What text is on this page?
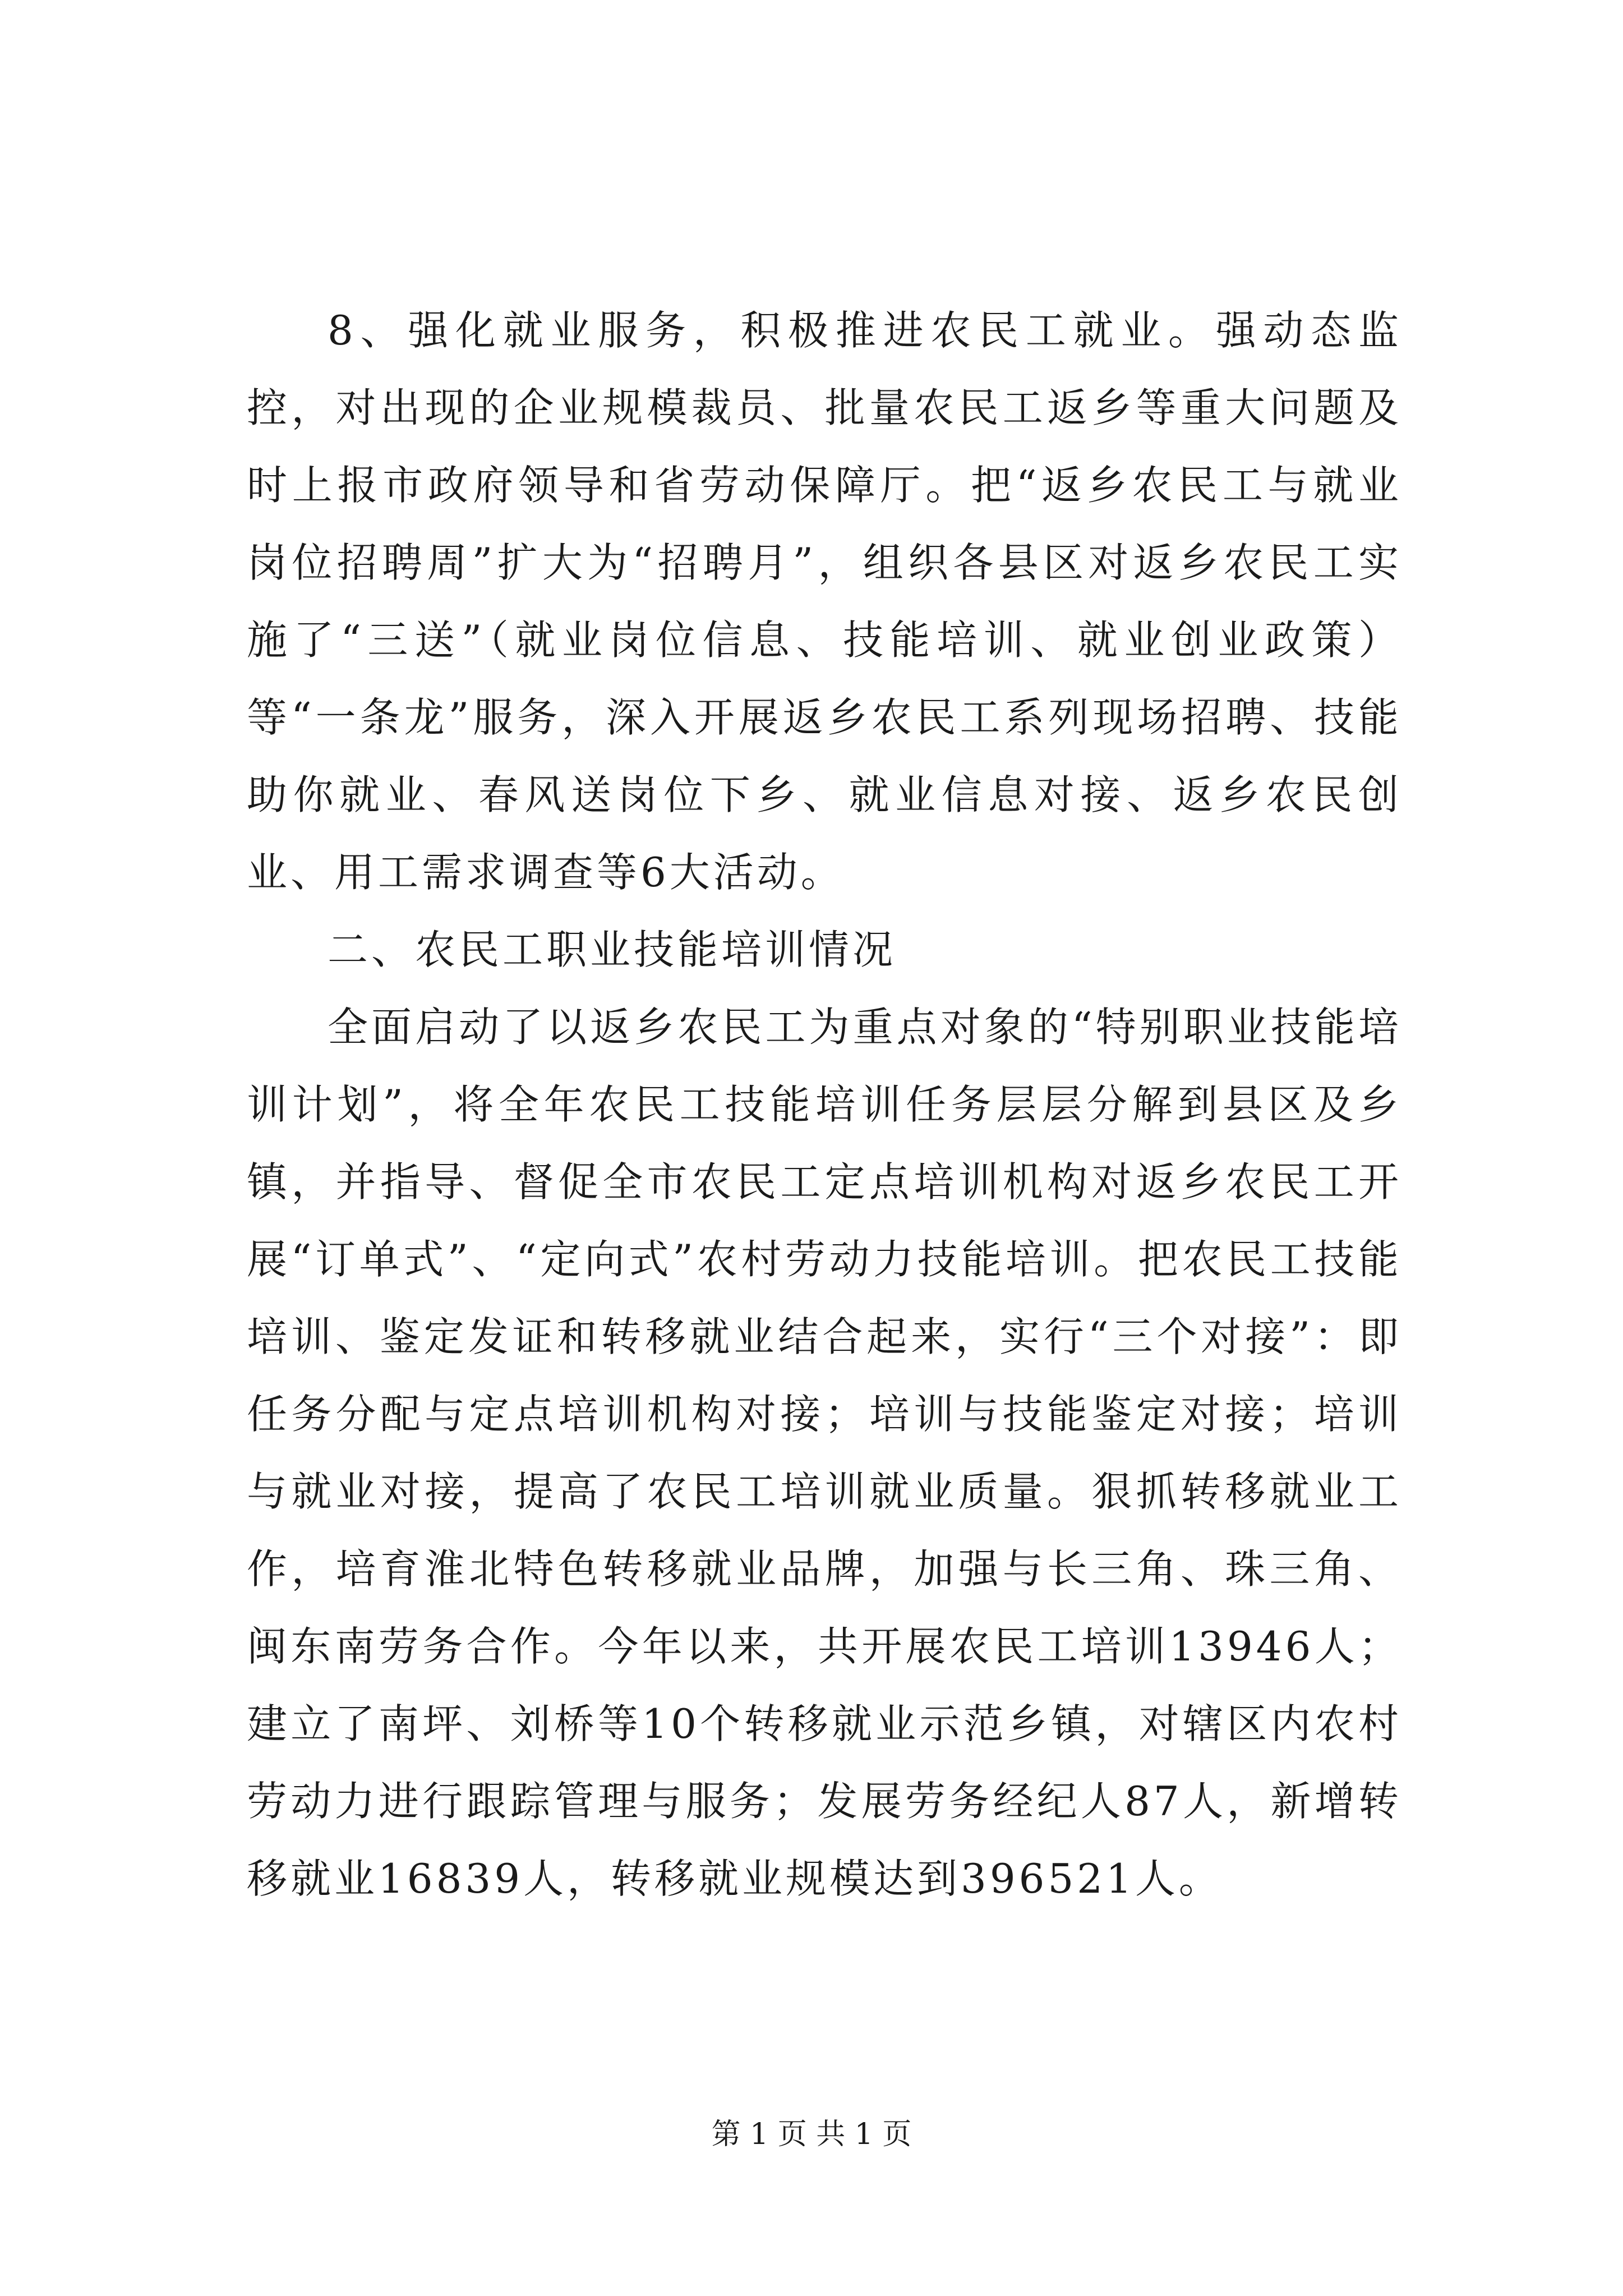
8、强化就业服务，积极推进农民工就业。强动态监控，对出现的企业规模裁员、批量农民工返乡等重大问题及时上报市政府领导和省劳动保障厅。把“返乡农民工与就业岗位招聘周”扩大为“招聘月”，组织各县区对返乡农民工实施了“三送”（就业岗位信息、技能培训、就业创业政策）等“一条龙”服务，深入开展返乡农民工系列现场招聘、技能助你就业、春风送岗位下乡、就业信息对接、返乡农民创业、用工需求调查等6大活动。

二、农民工职业技能培训情况

全面启动了以返乡农民工为重点对象的“特别职业技能培训计划”，将全年农民工技能培训任务层层分解到县区及乡镇，并指导、督促全市农民工定点培训机构对返乡农民工开展“订单式”、“定向式”农村劳动力技能培训。把农民工技能培训、鉴定发证和转移就业结合起来，实行“三个对接”：即任务分配与定点培训机构对接；培训与技能鉴定对接；培训与就业对接，提高了农民工培训就业质量。狠抓转移就业工作，培育淮北特色转移就业品牌，加强与长三角、珠三角、闽东南劳务合作。今年以来，共开展农民工培训13946人；建立了南坪、刘桥等10个转移就业示范乡镇，对辖区内农村劳动力进行跟踪管理与服务；发展劳务经纪人87人，新增转移就业16839人，转移就业规模达到396521人。

第 1 页 共 1 页
